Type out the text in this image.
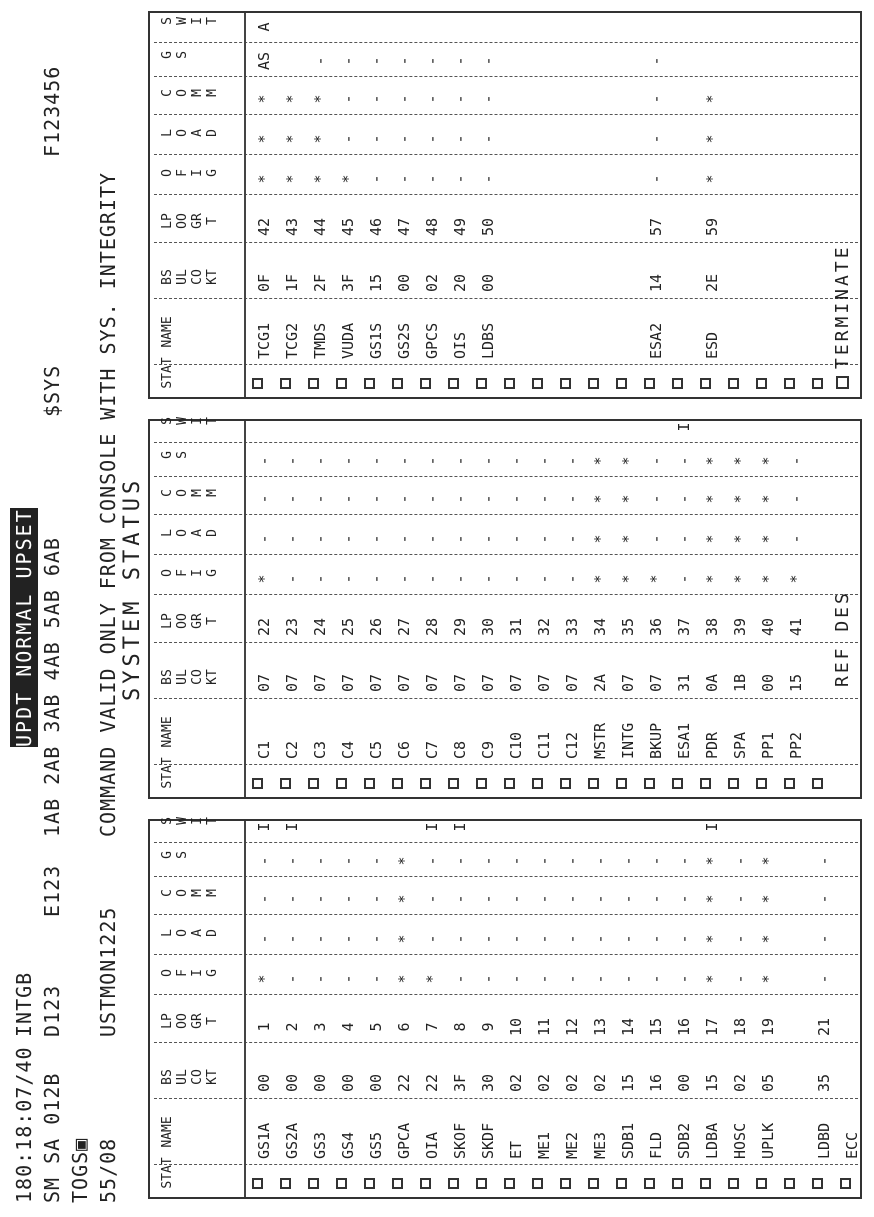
180:18:07/40
INTGB
SM SA 012B
D123
E123
1AB 2AB 3AB 4AB 5AB 6AB
$SYS
F123456
TOGS▣ 55/08
USTMON1225
COMMAND VALID ONLY FROM CONSOLE WITH SYS. INTEGRITY
UPDT NORMAL UPSET
STAT
NAME
BS
UL
CO
KT
LP
OO
GR
T
O
F
I
G
L
O
A
D
C
O
M
M
G
S
S
W
I
T
GS1A
00
1
*
-
-
-
I
GS2A
00
2
-
-
-
-
I
GS3
00
3
-
-
-
-
GS4
00
4
-
-
-
-
GS5
00
5
-
-
-
-
GPCA
22
6
*
*
*
*
OIA
22
7
*
-
-
-
I
SKOF
3F
8
-
-
-
-
I
SKDF
30
9
-
-
-
-
ET
02
10
-
-
-
-
ME1
02
11
-
-
-
-
ME2
02
12
-
-
-
-
ME3
02
13
-
-
-
-
SDB1
15
14
-
-
-
-
FLD
16
15
-
-
-
-
SDB2
00
16
-
-
-
-
LDBA
15
17
*
*
*
*
I
HOSC
02
18
-
-
-
-
UPLK
05
19
*
*
*
*
LDBD
35
21
-
-
-
-
ECC
SYSTEM STATUS
STAT
NAME
BS
UL
CO
KT
LP
OO
GR
T
O
F
I
G
L
O
A
D
C
O
M
M
G
S
S
W
I
T
C1
07
22
*
-
-
-
C2
07
23
-
-
-
-
C3
07
24
-
-
-
-
C4
07
25
-
-
-
-
C5
07
26
-
-
-
-
C6
07
27
-
-
-
-
C7
07
28
-
-
-
-
C8
07
29
-
-
-
-
C9
07
30
-
-
-
-
C10
07
31
-
-
-
-
C11
07
32
-
-
-
-
C12
07
33
-
-
-
-
MSTR
2A
34
*
*
*
*
INTG
07
35
*
*
*
*
BKUP
07
36
*
-
-
-
ESA1
31
37
-
-
-
-
I
PDR
0A
38
*
*
*
*
SPA
1B
39
*
*
*
*
PP1
00
40
*
*
*
*
PP2
15
41
*
-
-
-
REF DES
STAT
NAME
BS
UL
CO
KT
LP
OO
GR
T
O
F
I
G
L
O
A
D
C
O
M
M
G
S
S
W
I
T
TCG1
0F
42
*
*
*
AS
A
TCG2
1F
43
*
*
*
TMDS
2F
44
*
*
*
-
VUDA
3F
45
*
-
-
-
GS1S
15
46
-
-
-
-
GS2S
00
47
-
-
-
-
GPCS
02
48
-
-
-
-
OIS
20
49
-
-
-
-
LDBS
00
50
-
-
-
-
ESA2
14
57
-
-
-
-
ESD
2E
59
*
*
*
TERMINATE
